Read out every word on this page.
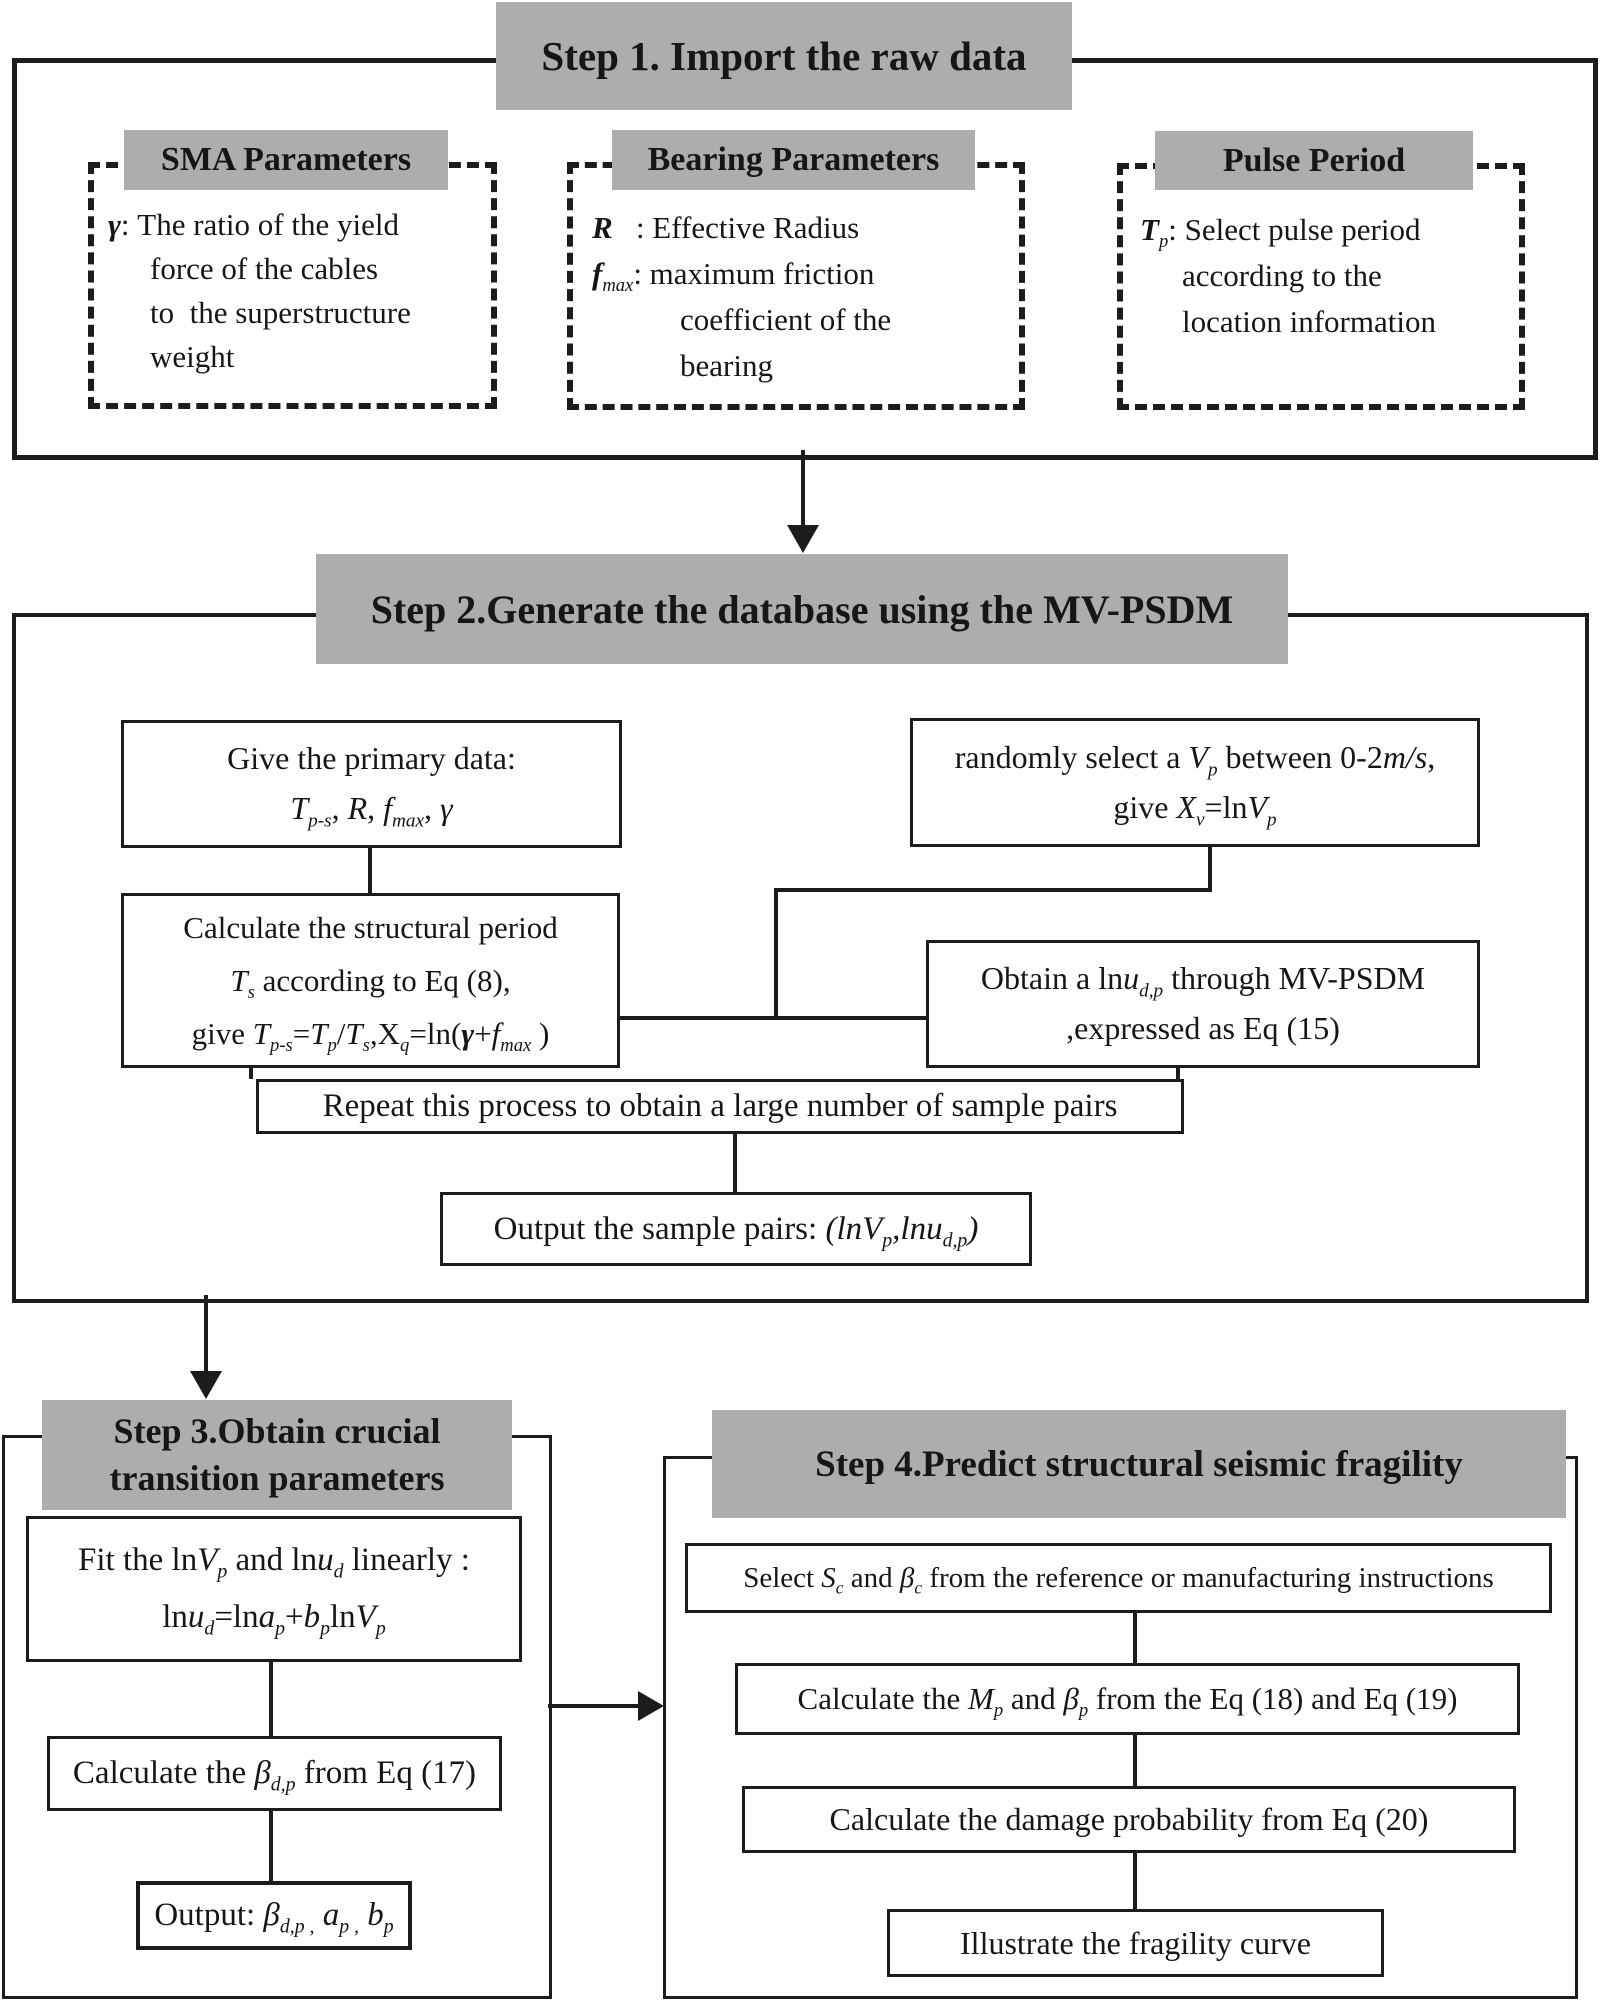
Step 1. Import the raw data
SMA Parameters
γ: The ratio of the yield
force of the cables
to  the superstructure
weight
Bearing Parameters
R   : Effective Radius
$f_{max}$: maximum friction
coefficient of the
bearing
Pulse Period
$T_p$: Select pulse period
according to the
location information
Step 2.Generate the database using the MV-PSDM
Give the primary data:
$T_{p-s}$, R, $f_{max}$, γ
randomly select a $V_p$ between 0-2m/s,
give $X_v=\ln V_p$
Calculate the structural period
$T_s$ according to Eq (8),
give $T_{p-s}=T_p/T_s,X_q=\ln(\gamma+f_{max}$ )
Obtain a lnu$_{d,p}$ through MV-PSDM
,expressed as Eq (15)
Repeat this process to obtain a large number of sample pairs
Output the sample pairs: (lnV$_p$,lnu$_{d,p}$)
Step 3.Obtain crucial
transition parameters
Fit the lnV$_p$ and lnu$_d$ linearly :
$\ln u_d=\ln a_p+b_p\ln V_p$
Calculate the $\beta_{d,p}$ from Eq (17)
Output: $\beta_{d,p ,}$ $a_{p ,}$ $b_p$
Step 4.Predict structural seismic fragility
Select $S_c$ and $\beta_c$ from the reference or manufacturing instructions
Calculate the $M_p$ and $\beta_p$ from the Eq (18) and Eq (19)
Calculate the damage probability from Eq (20)
Illustrate the fragility curve
